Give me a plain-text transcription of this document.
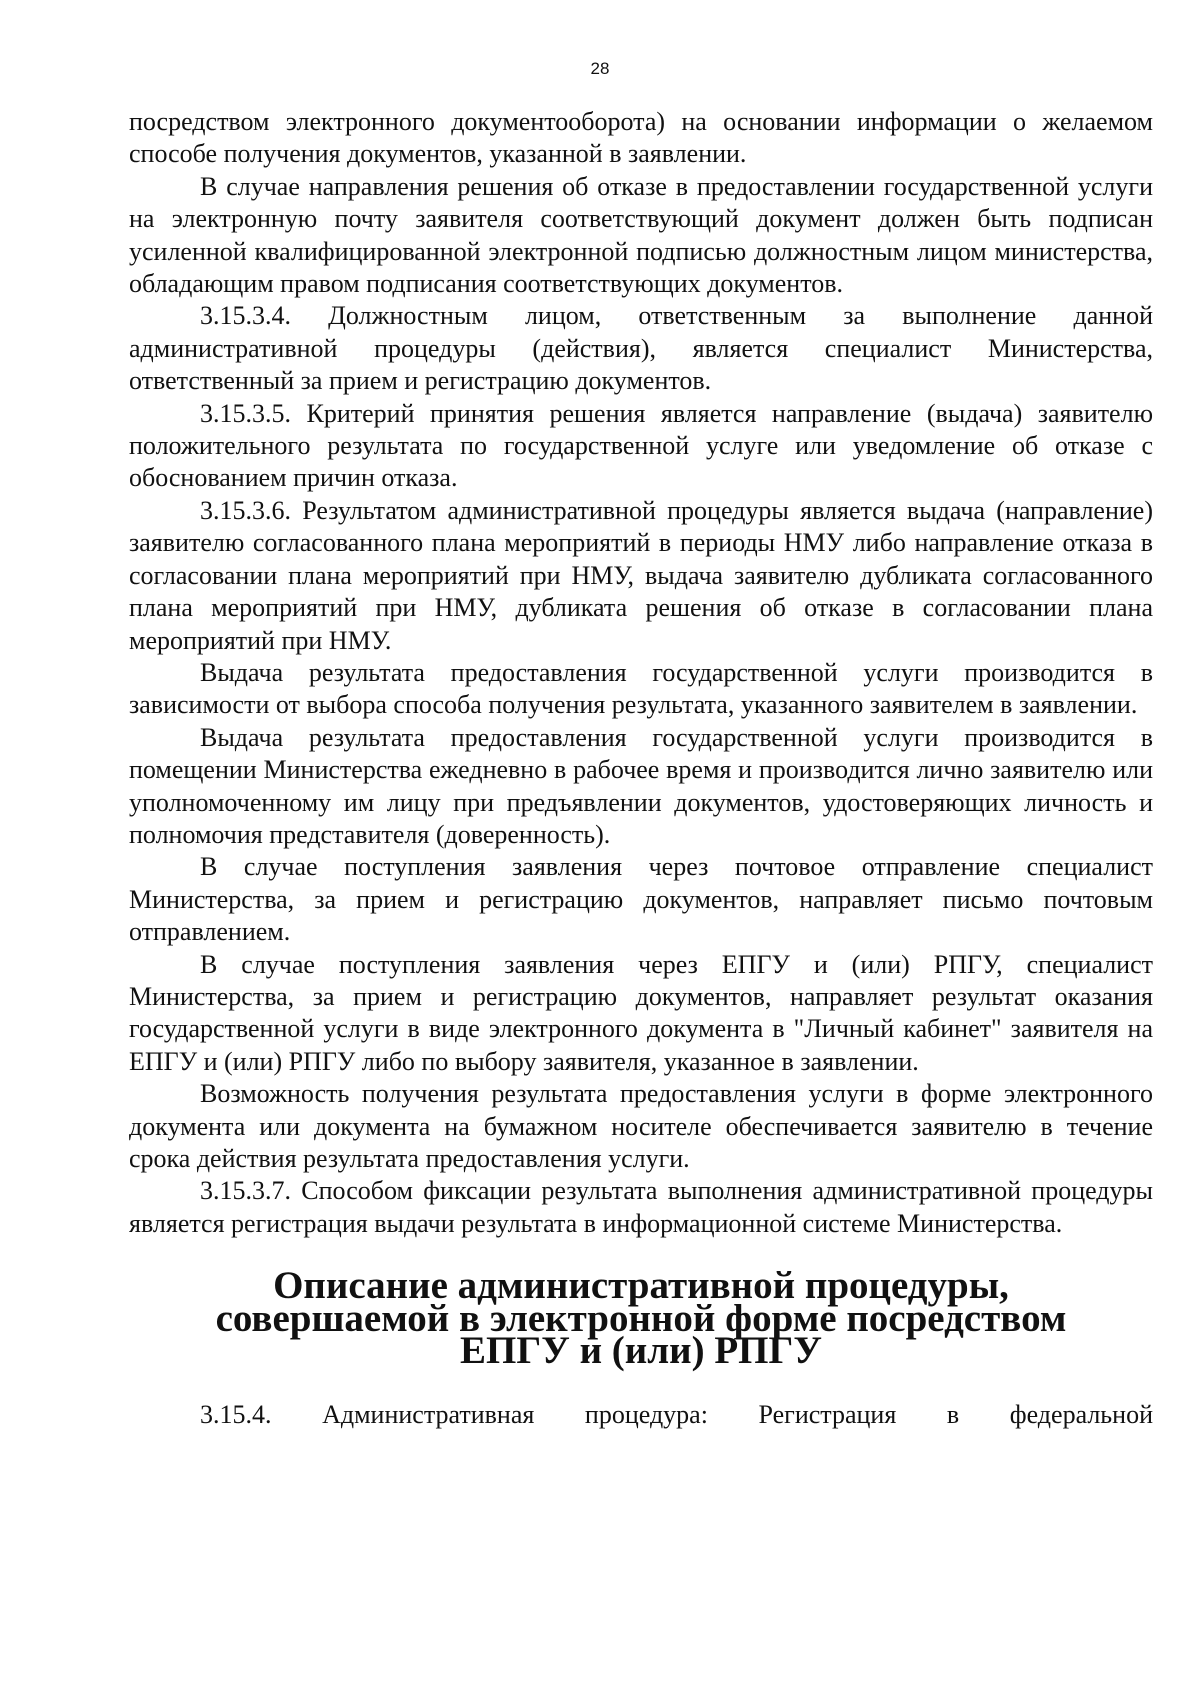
28

посредством электронного документооборота) на основании информации о желаемом способе получения документов, указанной в заявлении.

В случае направления решения об отказе в предоставлении государственной услуги на электронную почту заявителя соответствующий документ должен быть подписан усиленной квалифицированной электронной подписью должностным лицом министерства, обладающим правом подписания соответствующих документов.

3.15.3.4. Должностным лицом, ответственным за выполнение данной административной процедуры (действия), является специалист Министерства, ответственный за прием и регистрацию документов.

3.15.3.5. Критерий принятия решения является направление (выдача) заявителю положительного результата по государственной услуге или уведомление об отказе с обоснованием причин отказа.

3.15.3.6. Результатом административной процедуры является выдача (направление) заявителю согласованного плана мероприятий в периоды НМУ либо направление отказа в согласовании плана мероприятий при НМУ, выдача заявителю дубликата согласованного плана мероприятий при НМУ, дубликата решения об отказе в согласовании плана мероприятий при НМУ.

Выдача результата предоставления государственной услуги производится в зависимости от выбора способа получения результата, указанного заявителем в заявлении.

Выдача результата предоставления государственной услуги производится в помещении Министерства ежедневно в рабочее время и производится лично заявителю или уполномоченному им лицу при предъявлении документов, удостоверяющих личность и полномочия представителя (доверенность).

В случае поступления заявления через почтовое отправление специалист Министерства, за прием и регистрацию документов, направляет письмо почтовым отправлением.

В случае поступления заявления через ЕПГУ и (или) РПГУ, специалист Министерства, за прием и регистрацию документов, направляет результат оказания государственной услуги в виде электронного документа в "Личный кабинет" заявителя на ЕПГУ и (или) РПГУ либо по выбору заявителя, указанное в заявлении.

Возможность получения результата предоставления услуги в форме электронного документа или документа на бумажном носителе обеспечивается заявителю в течение срока действия результата предоставления услуги.

3.15.3.7. Способом фиксации результата выполнения административной процедуры является регистрация выдачи результата в информационной системе Министерства.

Описание административной процедуры, совершаемой в электронной форме посредством ЕПГУ и (или) РПГУ

3.15.4. Административная процедура: Регистрация в федеральной
